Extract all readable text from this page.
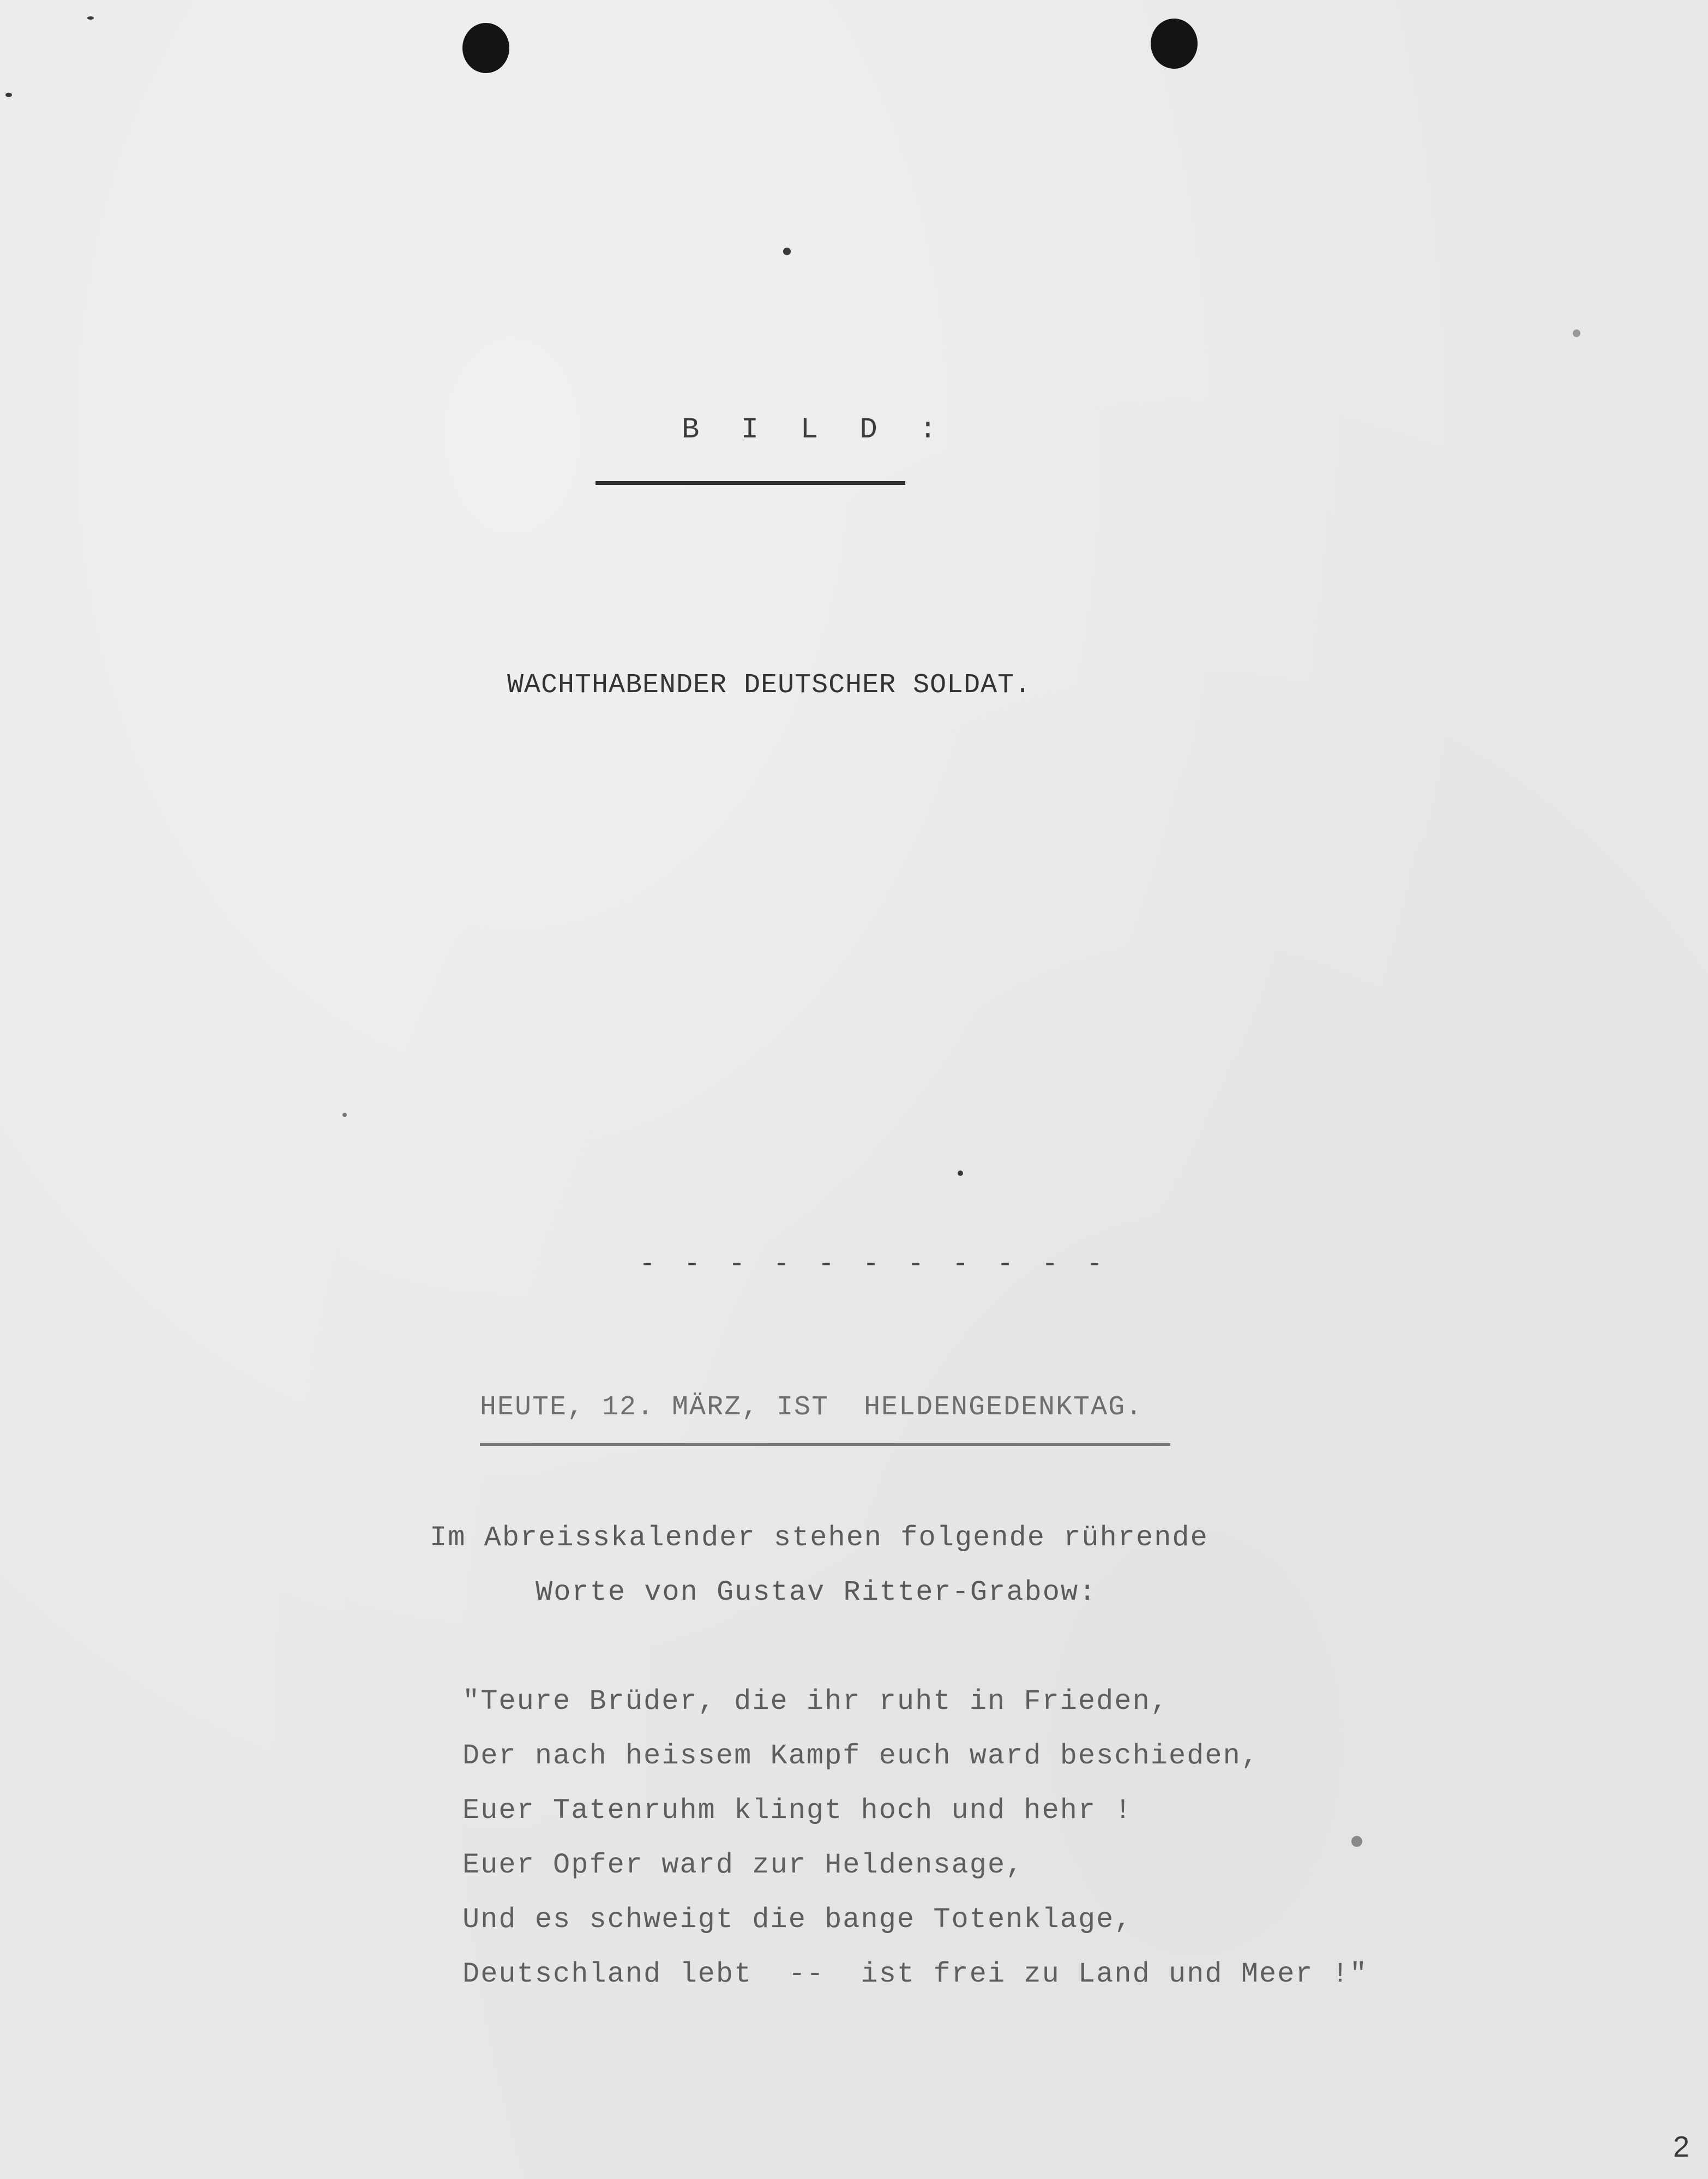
B I L D :
WACHTHABENDER DEUTSCHER SOLDAT.
- - - - - - - - - - -
HEUTE, 12. MÄRZ, IST  HELDENGEDENKTAG.
Im Abreisskalender stehen folgende rührende
Worte von Gustav Ritter-Grabow:
"Teure Brüder, die ihr ruht in Frieden,
Der nach heissem Kampf euch ward beschieden,
Euer Tatenruhm klingt hoch und hehr !
Euer Opfer ward zur Heldensage,
Und es schweigt die bange Totenklage,
Deutschland lebt  --  ist frei zu Land und Meer !"
2
